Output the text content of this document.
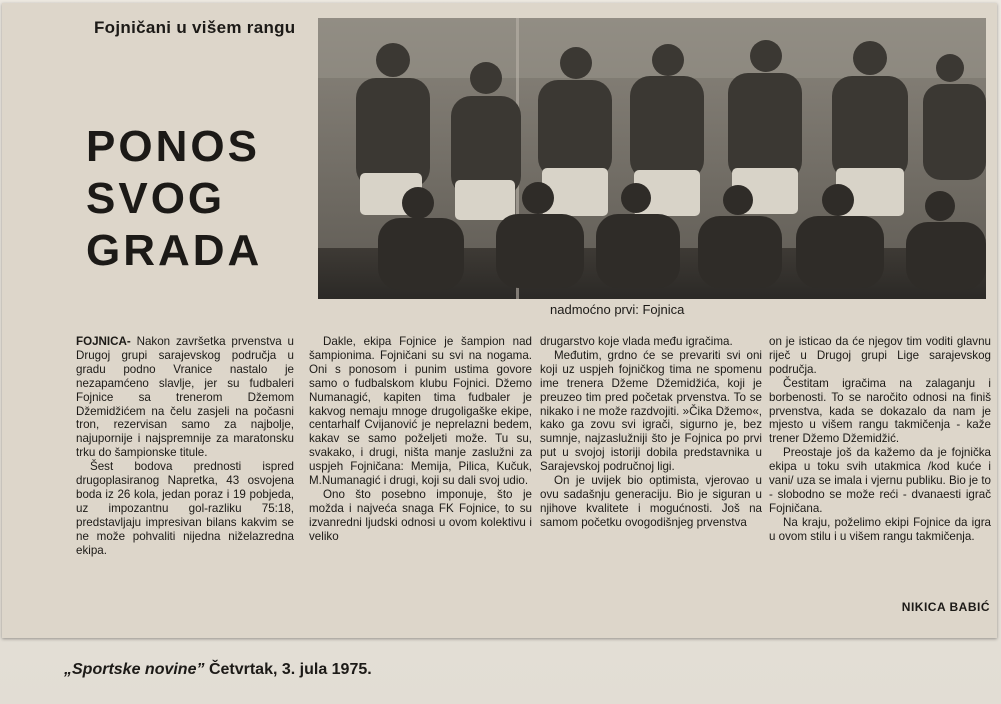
Fojničani u višem rangu
PONOS
SVOG
GRADA
nadmoćno prvi: Fojnica

FOJNICA- Nakon završetka prvenstva u Drugoj grupi sarajevskog područja u gradu podno Vranice nastalo je nezapamćeno slavlje, jer su fudbaleri Fojnice sa trenerom Džemom Džemidžićem na čelu zasjeli na počasni tron, rezervisan samo za najbolje, najupornije i najspremnije za maratonsku trku do šampionske titule.

Šest bodova prednosti ispred drugoplasiranog Napretka, 43 osvojena boda iz 26 kola, jedan poraz i 19 pobjeda, uz impozantnu gol-razliku 75:18, predstavljaju impresivan bilans kakvim se ne može pohvaliti nijedna niželazredna ekipa.

Dakle, ekipa Fojnice je šampion nad šampionima. Fojničani su svi na nogama. Oni s ponosom i punim ustima govore samo o fudbalskom klubu Fojnici. Džemo Numanagić, kapiten tima fudbaler je kakvog nemaju mnoge drugoligaške ekipe, centarhalf Cvijanović je neprelazni bedem, kakav se samo poželjeti može. Tu su, svakako, i drugi, ništa manje zaslužni za uspjeh Fojničana: Memija, Pilica, Kučuk, M.Numanagić i drugi, koji su dali svoj udio.

Ono što posebno imponuje, što je možda i najveća snaga FK Fojnice, to su izvanredni ljudski odnosi u ovom kolektivu i veliko

drugarstvo koje vlada među igračima.

Međutim, grdno će se prevariti svi oni koji uz uspjeh fojničkog tima ne spomenu ime trenera Džeme Džemidžića, koji je preuzeo tim pred početak prvenstva. To se nikako i ne može razdvojiti. »Čika Džemo«, kako ga zovu svi igrači, sigurno je, bez sumnje, najzaslužniji što je Fojnica po prvi put u svojoj istoriji dobila predstavnika u Sarajevskoj područnoj ligi.

On je uvijek bio optimista, vjerovao u ovu sadašnju generaciju. Bio je siguran u njihove kvalitete i mogućnosti. Još na samom početku ovogodišnjeg prvenstva

on je isticao da će njegov tim voditi glavnu riječ u Drugoj grupi Lige sarajevskog područja.

Čestitam igračima na zalaganju i borbenosti. To se naročito odnosi na finiš prvenstva, kada se dokazalo da nam je mjesto u višem rangu takmičenja - kaže trener Džemo Džemidžić.

Preostaje još da kažemo da je fojnička ekipa u toku svih utakmica /kod kuće i vani/ uza se imala i vjernu publiku. Bio je to - slobodno se može reći - dvanaesti igrač Fojničana.

Na kraju, poželimo ekipi Fojnice da igra u ovom stilu i u višem rangu takmičenja.

NIKICA BABIĆ
„Sportske novine” Četvrtak, 3. jula 1975.
